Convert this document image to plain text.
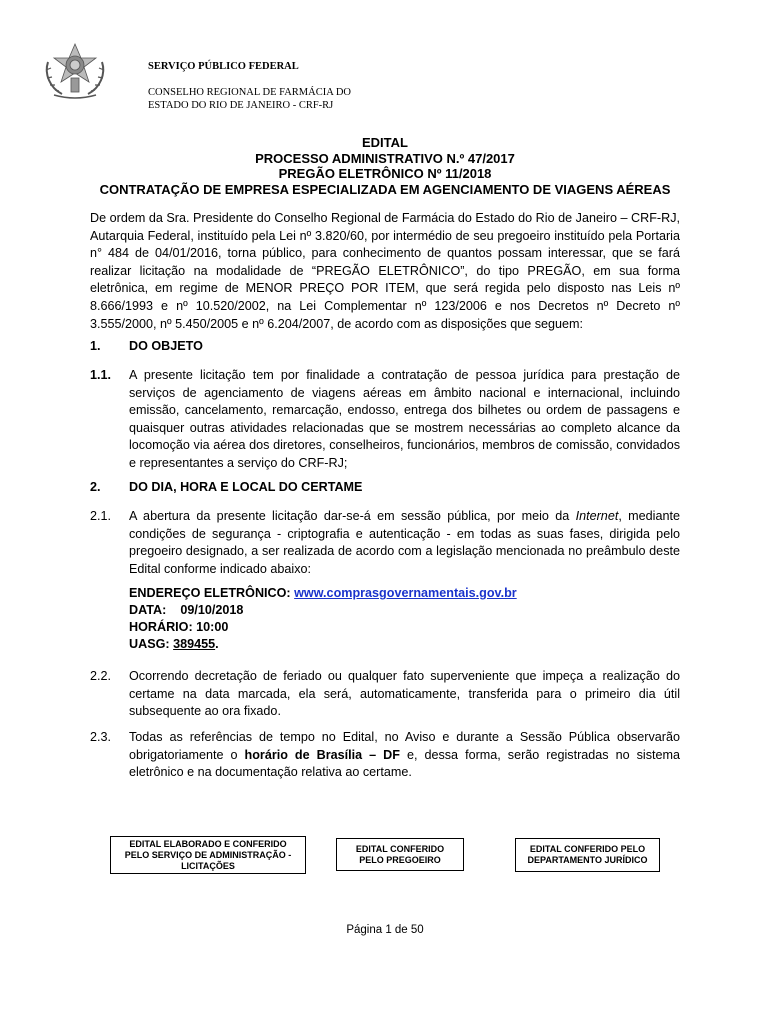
SERVIÇO PÚBLICO FEDERAL
CONSELHO REGIONAL DE FARMÁCIA DO
ESTADO DO RIO DE JANEIRO - CRF-RJ
EDITAL
PROCESSO ADMINISTRATIVO N.º 47/2017
PREGÃO ELETRÔNICO Nº 11/2018
CONTRATAÇÃO DE EMPRESA ESPECIALIZADA EM AGENCIAMENTO DE VIAGENS AÉREAS
De ordem da Sra. Presidente do Conselho Regional de Farmácia do Estado do Rio de Janeiro – CRF-RJ, Autarquia Federal, instituído pela Lei nº 3.820/60, por intermédio de seu pregoeiro instituído pela Portaria n° 484 de 04/01/2016, torna público, para conhecimento de quantos possam interessar, que se fará realizar licitação na modalidade de “PREGÃO ELETRÔNICO”, do tipo PREGÃO, em sua forma eletrônica, em regime de MENOR PREÇO POR ITEM, que será regida pelo disposto nas Leis nº 8.666/1993 e nº 10.520/2002, na Lei Complementar nº 123/2006 e nos Decretos nº Decreto nº 3.555/2000, nº 5.450/2005 e nº 6.204/2007, de acordo com as disposições que seguem:
1. DO OBJETO
1.1. A presente licitação tem por finalidade a contratação de pessoa jurídica para prestação de serviços de agenciamento de viagens aéreas em âmbito nacional e internacional, incluindo emissão, cancelamento, remarcação, endosso, entrega dos bilhetes ou ordem de passagens e quaisquer outras atividades relacionadas que se mostrem necessárias ao completo alcance da locomoção via aérea dos diretores, conselheiros, funcionários, membros de comissão, convidados e representantes a serviço do CRF-RJ;
2. DO DIA, HORA E LOCAL DO CERTAME
2.1. A abertura da presente licitação dar-se-á em sessão pública, por meio da Internet, mediante condições de segurança - criptografia e autenticação - em todas as suas fases, dirigida pelo pregoeiro designado, a ser realizada de acordo com a legislação mencionada no preâmbulo deste Edital conforme indicado abaixo:
ENDEREÇO ELETRÔNICO: www.comprasgovernamentais.gov.br
DATA: 09/10/2018
HORÁRIO: 10:00
UASG: 389455.
2.2. Ocorrendo decretação de feriado ou qualquer fato superveniente que impeça a realização do certame na data marcada, ela será, automaticamente, transferida para o primeiro dia útil subsequente ao ora fixado.
2.3. Todas as referências de tempo no Edital, no Aviso e durante a Sessão Pública observarão obrigatoriamente o horário de Brasília – DF e, dessa forma, serão registradas no sistema eletrônico e na documentação relativa ao certame.
EDITAL ELABORADO E CONFERIDO
PELO SERVIÇO DE ADMINISTRAÇÃO -
LICITAÇÕES
EDITAL CONFERIDO
PELO PREGOEIRO
EDITAL CONFERIDO PELO
DEPARTAMENTO JURÍDICO
Página 1 de 50
